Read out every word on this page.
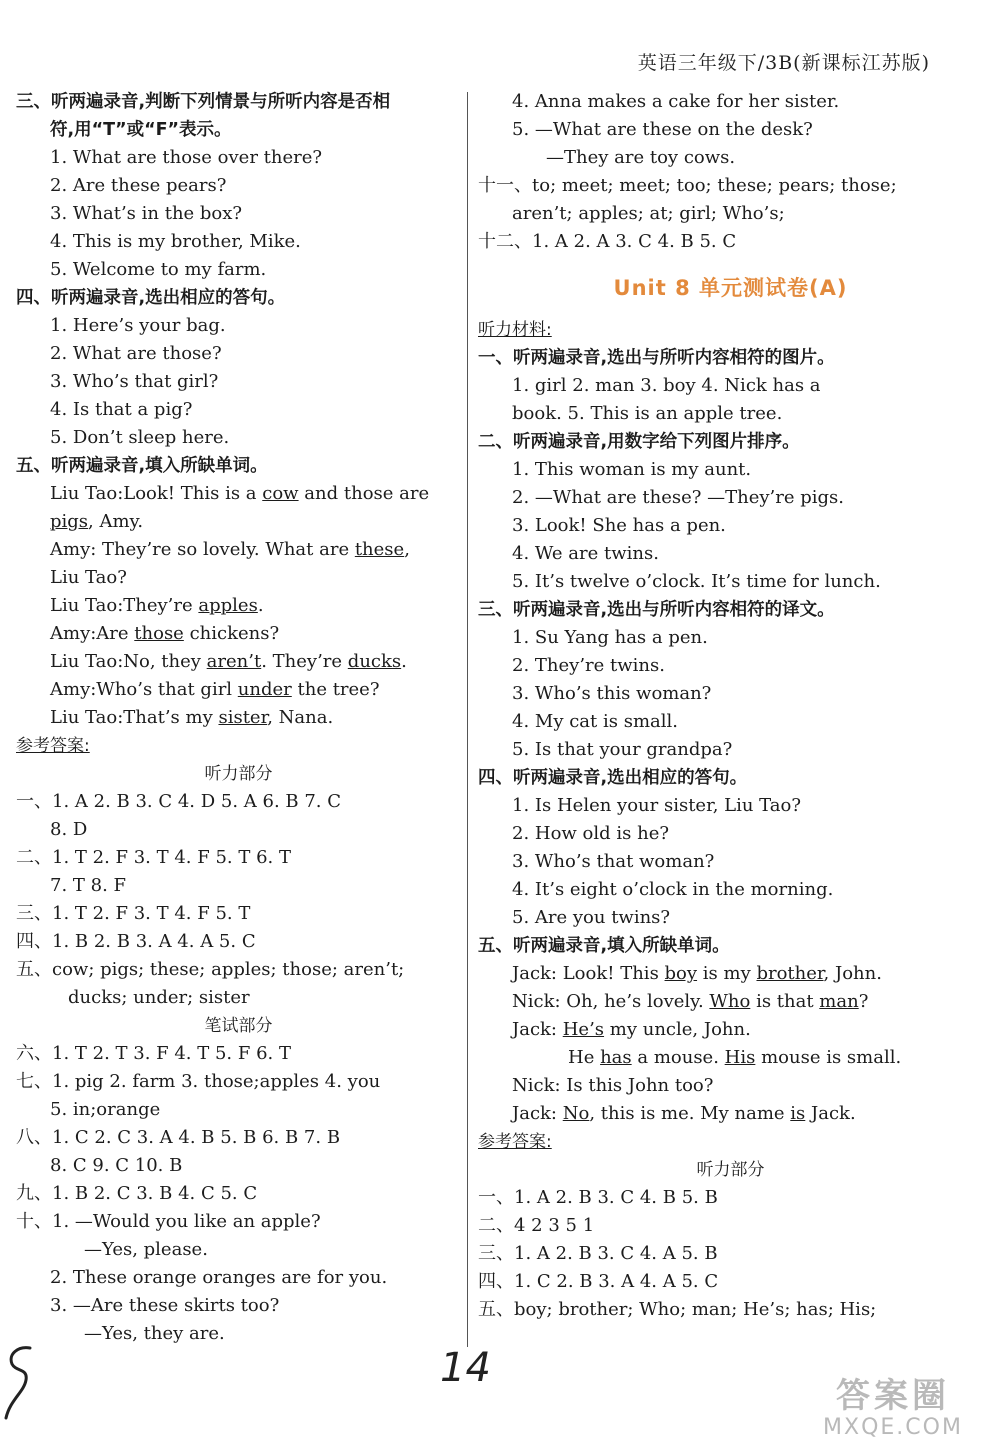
英语三年级下/3B(新课标江苏版)
三、听两遍录音,判断下列情景与所听内容是否相
符,用“T”或“F”表示。
1. What are those over there?
2. Are these pears?
3. What’s in the box?
4. This is my brother, Mike.
5. Welcome to my farm.
四、听两遍录音,选出相应的答句。
1. Here’s your bag.
2. What are those?
3. Who’s that girl?
4. Is that a pig?
5. Don’t sleep here.
五、听两遍录音,填入所缺单词。
Liu Tao:Look! This is a cow and those are
pigs, Amy.
Amy: They’re so lovely. What are these,
Liu Tao?
Liu Tao:They’re apples.
Amy:Are those chickens?
Liu Tao:No, they aren’t. They’re ducks.
Amy:Who’s that girl under the tree?
Liu Tao:That’s my sister, Nana.
参考答案:
听力部分
一、1. A 2. B 3. C 4. D 5. A 6. B 7. C
8. D
二、1. T 2. F 3. T 4. F 5. T 6. T
7. T 8. F
三、1. T 2. F 3. T 4. F 5. T
四、1. B 2. B 3. A 4. A 5. C
五、cow; pigs; these; apples; those; aren’t;
ducks; under; sister
笔试部分
六、1. T 2. T 3. F 4. T 5. F 6. T
七、1. pig 2. farm 3. those;apples 4. you
5. in;orange
八、1. C 2. C 3. A 4. B 5. B 6. B 7. B
8. C 9. C 10. B
九、1. B 2. C 3. B 4. C 5. C
十、1. —Would you like an apple?
—Yes, please.
2. These orange oranges are for you.
3. —Are these skirts too?
—Yes, they are.
4. Anna makes a cake for her sister.
5. —What are these on the desk?
—They are toy cows.
十一、to; meet; meet; too; these; pears; those;
aren’t; apples; at; girl; Who’s;
十二、1. A 2. A 3. C 4. B 5. C
Unit 8 单元测试卷(A)
听力材料:
一、听两遍录音,选出与所听内容相符的图片。
1. girl 2. man 3. boy 4. Nick has a
book. 5. This is an apple tree.
二、听两遍录音,用数字给下列图片排序。
1. This woman is my aunt.
2. —What are these? —They’re pigs.
3. Look! She has a pen.
4. We are twins.
5. It’s twelve o’clock. It’s time for lunch.
三、听两遍录音,选出与所听内容相符的译文。
1. Su Yang has a pen.
2. They’re twins.
3. Who’s this woman?
4. My cat is small.
5. Is that your grandpa?
四、听两遍录音,选出相应的答句。
1. Is Helen your sister, Liu Tao?
2. How old is he?
3. Who’s that woman?
4. It’s eight o’clock in the morning.
5. Are you twins?
五、听两遍录音,填入所缺单词。
Jack: Look! This boy is my brother, John.
Nick: Oh, he’s lovely. Who is that man?
Jack: He’s my uncle, John.
He has a mouse. His mouse is small.
Nick: Is this John too?
Jack: No, this is me. My name is Jack.
参考答案:
听力部分
一、1. A 2. B 3. C 4. B 5. B
二、4 2 3 5 1
三、1. A 2. B 3. C 4. A 5. B
四、1. C 2. B 3. A 4. A 5. C
五、boy; brother; Who; man; He’s; has; His;
14
答案圈
MXQE.COM
